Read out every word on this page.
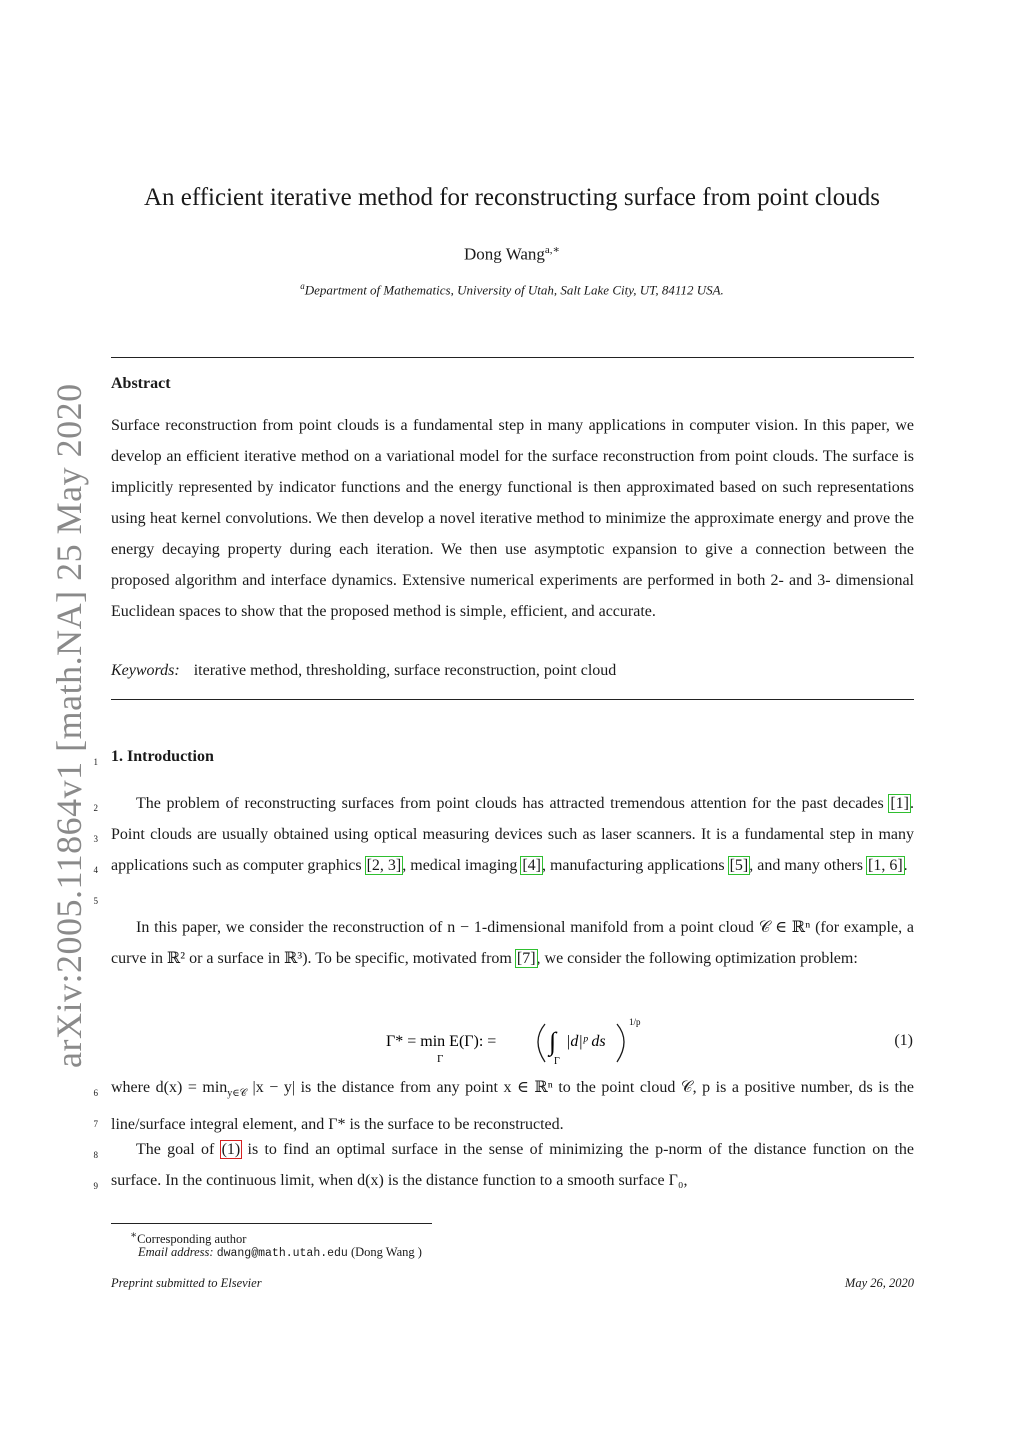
arXiv:2005.11864v1 [math.NA] 25 May 2020
An efficient iterative method for reconstructing surface from point clouds
Dong Wang$^{a,∗}$
$^a$Department of Mathematics, University of Utah, Salt Lake City, UT, 84112 USA.
Abstract
Surface reconstruction from point clouds is a fundamental step in many applications in computer vision. In this paper, we develop an efficient iterative method on a variational model for the surface reconstruction from point clouds. The surface is implicitly represented by indicator functions and the energy functional is then approximated based on such representations using heat kernel convolutions. We then develop a novel iterative method to minimize the approximate energy and prove the energy decaying property during each iteration. We then use asymptotic expansion to give a connection between the proposed algorithm and interface dynamics. Extensive numerical experiments are performed in both 2- and 3- dimensional Euclidean spaces to show that the proposed method is simple, efficient, and accurate.
Keywords: iterative method, thresholding, surface reconstruction, point cloud
1
2
3
4
5
6
7
8
9
1. Introduction
The problem of reconstructing surfaces from point clouds has attracted tremendous attention for the past decades [1]. Point clouds are usually obtained using optical measuring devices such as laser scanners. It is a fundamental step in many applications such as computer graphics [2, 3], medical imaging [4], manufacturing applications [5], and many others [1, 6].
In this paper, we consider the reconstruction of n − 1-dimensional manifold from a point cloud 𝒞 ∈ ℝⁿ (for example, a curve in ℝ² or a surface in ℝ³). To be specific, motivated from [7], we consider the following optimization problem:
Γ* = min E(Γ): =
Γ
∫
Γ
|d|ᵖ ds
1/p
(1)
where $d(x) = \min_{y\in 𝒞} |x - y|$ is the distance from any point x ∈ ℝⁿ to the point cloud 𝒞, p is a positive number, ds is the line/surface integral element, and Γ* is the surface to be reconstructed.
The goal of (1) is to find an optimal surface in the sense of minimizing the p-norm of the distance function on the surface. In the continuous limit, when d(x) is the distance function to a smooth surface Γ₀,
∗Corresponding author
Email address: dwang@math.utah.edu (Dong Wang )
Preprint submitted to Elsevier	May 26, 2020
